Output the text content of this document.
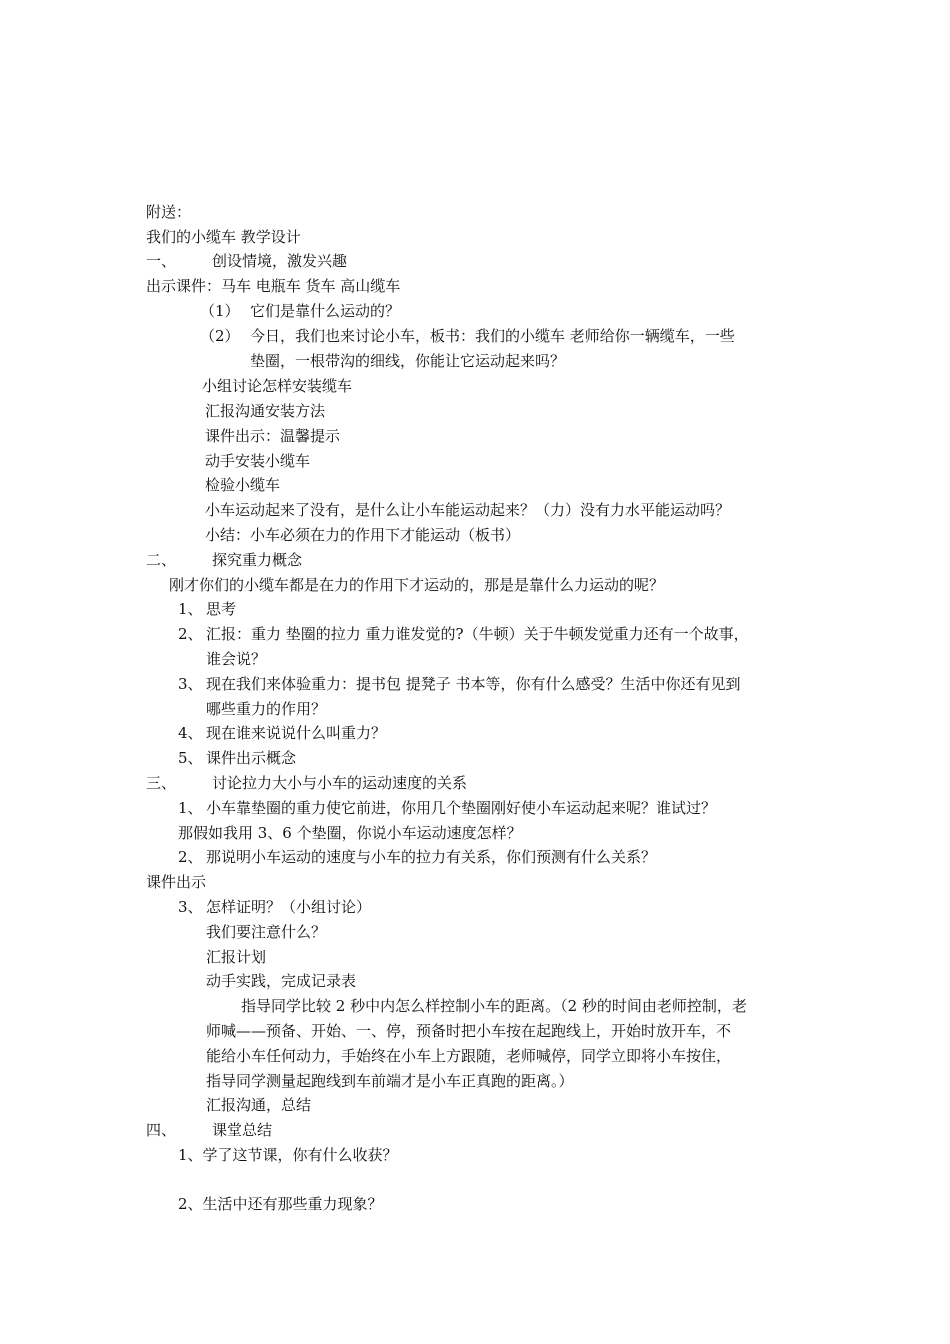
附送：
我们的小缆车 教学设计
一、 创设情境，激发兴趣
出示课件：马车 电瓶车 货车 高山缆车
（1） 它们是靠什么运动的？
（2） 今日，我们也来讨论小车，板书：我们的小缆车 老师给你一辆缆车，一些
垫圈，一根带沟的细线，你能让它运动起来吗？
小组讨论怎样安装缆车
汇报沟通安装方法
课件出示：温馨提示
动手安装小缆车
检验小缆车
小车运动起来了没有，是什么让小车能运动起来？（力）没有力水平能运动吗？
小结：小车必须在力的作用下才能运动（板书）
二、 探究重力概念
刚才你们的小缆车都是在力的作用下才运动的，那是是靠什么力运动的呢？
1、 思考
2、 汇报：重力 垫圈的拉力 重力谁发觉的?（牛顿）关于牛顿发觉重力还有一个故事，
谁会说？
3、 现在我们来体验重力：提书包 提凳子 书本等，你有什么感受？生活中你还有见到
哪些重力的作用？
4、 现在谁来说说什么叫重力？
5、 课件出示概念
三、 讨论拉力大小与小车的运动速度的关系
1、 小车靠垫圈的重力使它前进，你用几个垫圈刚好使小车运动起来呢？谁试过？
那假如我用 3、6 个垫圈，你说小车运动速度怎样？
2、 那说明小车运动的速度与小车的拉力有关系，你们预测有什么关系？
课件出示
3、 怎样证明？（小组讨论）
我们要注意什么？
汇报计划
动手实践，完成记录表
指导同学比较 2 秒中内怎么样控制小车的距离。（2 秒的时间由老师控制，老
师喊——预备、开始、一、停，预备时把小车按在起跑线上，开始时放开车，不
能给小车任何动力，手始终在小车上方跟随，老师喊停，同学立即将小车按住，
指导同学测量起跑线到车前端才是小车正真跑的距离。）
汇报沟通，总结
四、 课堂总结
1、学了这节课，你有什么收获？
2、生活中还有那些重力现象？
